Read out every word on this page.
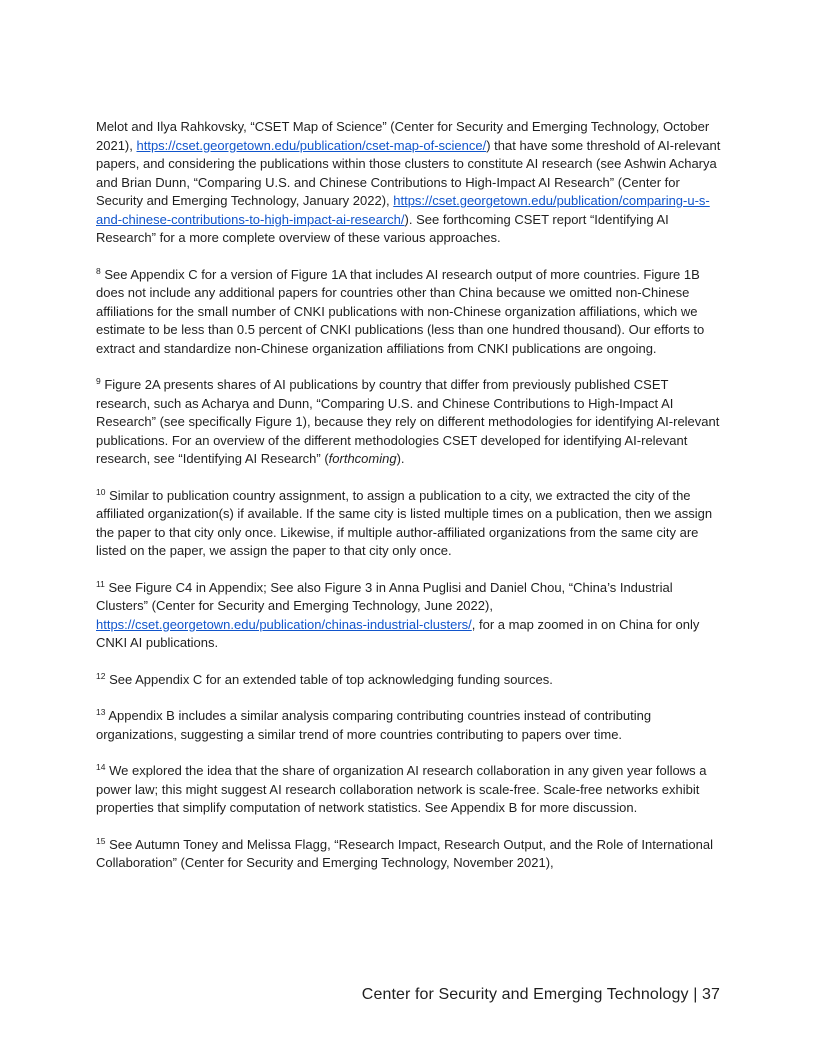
Melot and Ilya Rahkovsky, “CSET Map of Science” (Center for Security and Emerging Technology, October 2021), https://cset.georgetown.edu/publication/cset-map-of-science/) that have some threshold of AI-relevant papers, and considering the publications within those clusters to constitute AI research (see Ashwin Acharya and Brian Dunn, “Comparing U.S. and Chinese Contributions to High-Impact AI Research” (Center for Security and Emerging Technology, January 2022), https://cset.georgetown.edu/publication/comparing-u-s-and-chinese-contributions-to-high-impact-ai-research/). See forthcoming CSET report “Identifying AI Research” for a more complete overview of these various approaches.

$^8$ See Appendix C for a version of Figure 1A that includes AI research output of more countries. Figure 1B does not include any additional papers for countries other than China because we omitted non-Chinese affiliations for the small number of CNKI publications with non-Chinese organization affiliations, which we estimate to be less than 0.5 percent of CNKI publications (less than one hundred thousand). Our efforts to extract and standardize non-Chinese organization affiliations from CNKI publications are ongoing.

$^9$ Figure 2A presents shares of AI publications by country that differ from previously published CSET research, such as Acharya and Dunn, “Comparing U.S. and Chinese Contributions to High-Impact AI Research” (see specifically Figure 1), because they rely on different methodologies for identifying AI-relevant publications. For an overview of the different methodologies CSET developed for identifying AI-relevant research, see “Identifying AI Research” (forthcoming).

$^{10}$ Similar to publication country assignment, to assign a publication to a city, we extracted the city of the affiliated organization(s) if available. If the same city is listed multiple times on a publication, then we assign the paper to that city only once. Likewise, if multiple author-affiliated organizations from the same city are listed on the paper, we assign the paper to that city only once.

$^{11}$ See Figure C4 in Appendix; See also Figure 3 in Anna Puglisi and Daniel Chou, “China’s Industrial Clusters” (Center for Security and Emerging Technology, June 2022), https://cset.georgetown.edu/publication/chinas-industrial-clusters/, for a map zoomed in on China for only CNKI AI publications.

$^{12}$ See Appendix C for an extended table of top acknowledging funding sources.

$^{13}$ Appendix B includes a similar analysis comparing contributing countries instead of contributing organizations, suggesting a similar trend of more countries contributing to papers over time.

$^{14}$ We explored the idea that the share of organization AI research collaboration in any given year follows a power law; this might suggest AI research collaboration network is scale-free. Scale-free networks exhibit properties that simplify computation of network statistics. See Appendix B for more discussion.

$^{15}$ See Autumn Toney and Melissa Flagg, “Research Impact, Research Output, and the Role of International Collaboration” (Center for Security and Emerging Technology, November 2021),

Center for Security and Emerging Technology | 37
